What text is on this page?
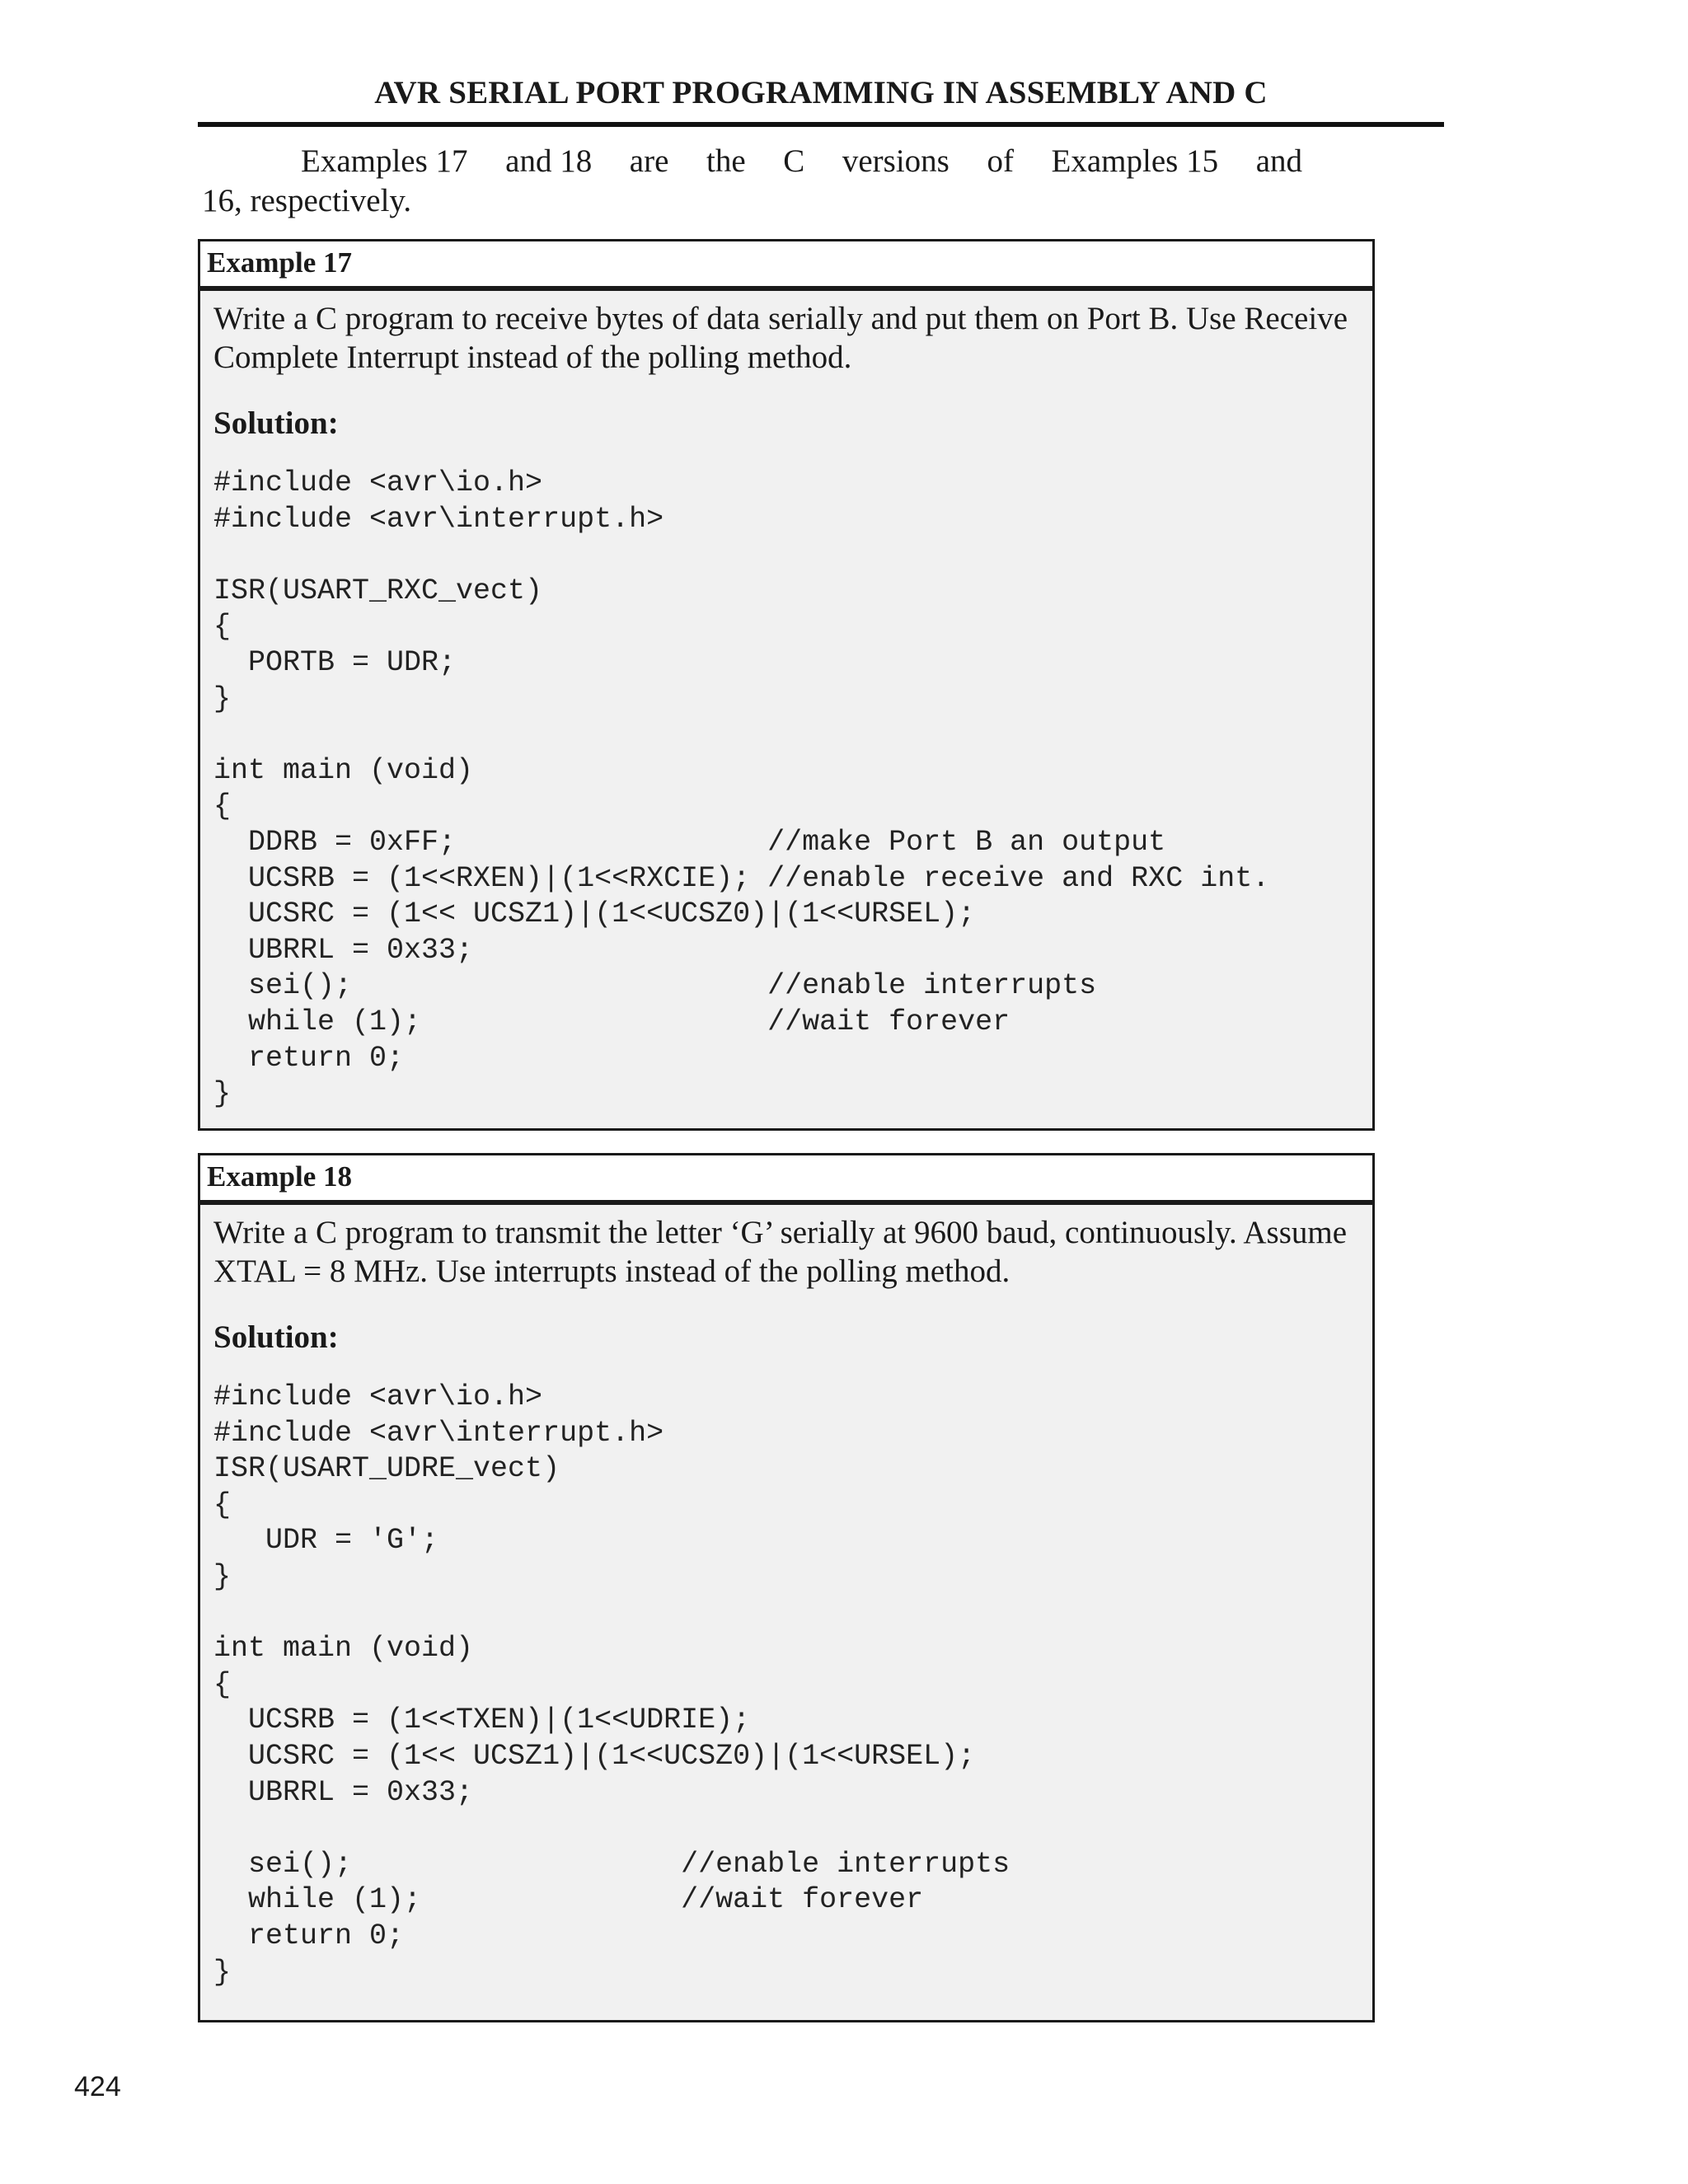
AVR SERIAL PORT PROGRAMMING IN ASSEMBLY AND C
Examples 17 and 18 are the C versions of Examples 15 and
16, respectively.
Example 17
Write a C program to receive bytes of data serially and put them on Port B. Use Receive Complete Interrupt instead of the polling method.
Solution:
#include <avr\io.h>
#include <avr\interrupt.h>

ISR(USART_RXC_vect)
{
PORTB = UDR;
}

int main (void)
{
DDRB = 0xFF;                  //make Port B an output
UCSRB = (1<<RXEN)|(1<<RXCIE); //enable receive and RXC int.
UCSRC = (1<< UCSZ1)|(1<<UCSZ0)|(1<<URSEL);
UBRRL = 0x33;
sei();                        //enable interrupts
while (1);                    //wait forever
return 0;
}
Example 18
Write a C program to transmit the letter ‘G’ serially at 9600 baud, continuously. Assume XTAL = 8 MHz. Use interrupts instead of the polling method.
Solution:
#include <avr\io.h>
#include <avr\interrupt.h>
ISR(USART_UDRE_vect)
{
UDR = 'G';
}

int main (void)
{
UCSRB = (1<<TXEN)|(1<<UDRIE);
UCSRC = (1<< UCSZ1)|(1<<UCSZ0)|(1<<URSEL);
UBRRL = 0x33;

sei();                   //enable interrupts
while (1);               //wait forever
return 0;
}
424
